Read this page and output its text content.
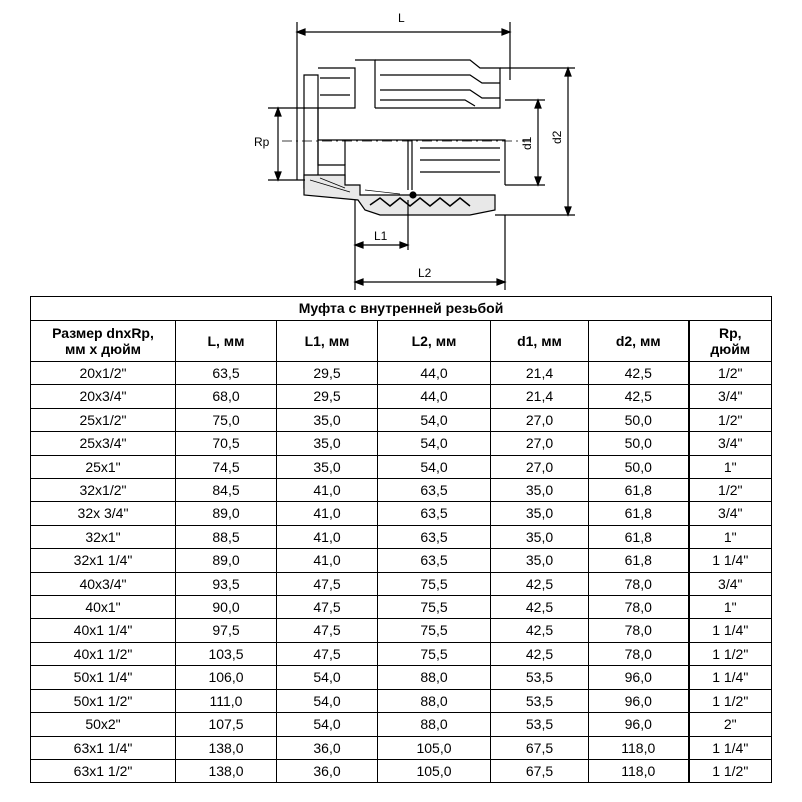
L
Rp	d1 d2
L1
L2
Муфта с внутренней резьбой						
Размер dnxRp,
мм х дюйм	L, мм	L1, мм	L2, мм	d1, мм	d2, мм	Rp,
дюйм
20x1/2"	63,5	29,5	44,0	21,4	42,5	1/2"
20x3/4"	68,0	29,5	44,0	21,4	42,5	3/4"
25x1/2"	75,0	35,0	54,0	27,0	50,0	1/2"
25x3/4"	70,5	35,0	54,0	27,0	50,0	3/4"
25x1"	74,5	35,0	54,0	27,0	50,0	1"
32x1/2"	84,5	41,0	63,5	35,0	61,8	1/2"
32x 3/4"	89,0	41,0	63,5	35,0	61,8	3/4"
32x1"	88,5	41,0	63,5	35,0	61,8	1"
32x1 1/4"	89,0	41,0	63,5	35,0	61,8	1 1/4"
40x3/4"	93,5	47,5	75,5	42,5	78,0	3/4"
40x1"	90,0	47,5	75,5	42,5	78,0	1"
40x1 1/4"	97,5	47,5	75,5	42,5	78,0	1 1/4"
40x1 1/2"	103,5	47,5	75,5	42,5	78,0	1 1/2"
50x1 1/4"	106,0	54,0	88,0	53,5	96,0	1 1/4"
50x1 1/2"	111,0	54,0	88,0	53,5	96,0	1 1/2"
50x2"	107,5	54,0	88,0	53,5	96,0	2"
63x1 1/4"	138,0	36,0	105,0	67,5	118,0	1 1/4"
63x1 1/2"	138,0	36,0	105,0	67,5	118,0	1 1/2"
